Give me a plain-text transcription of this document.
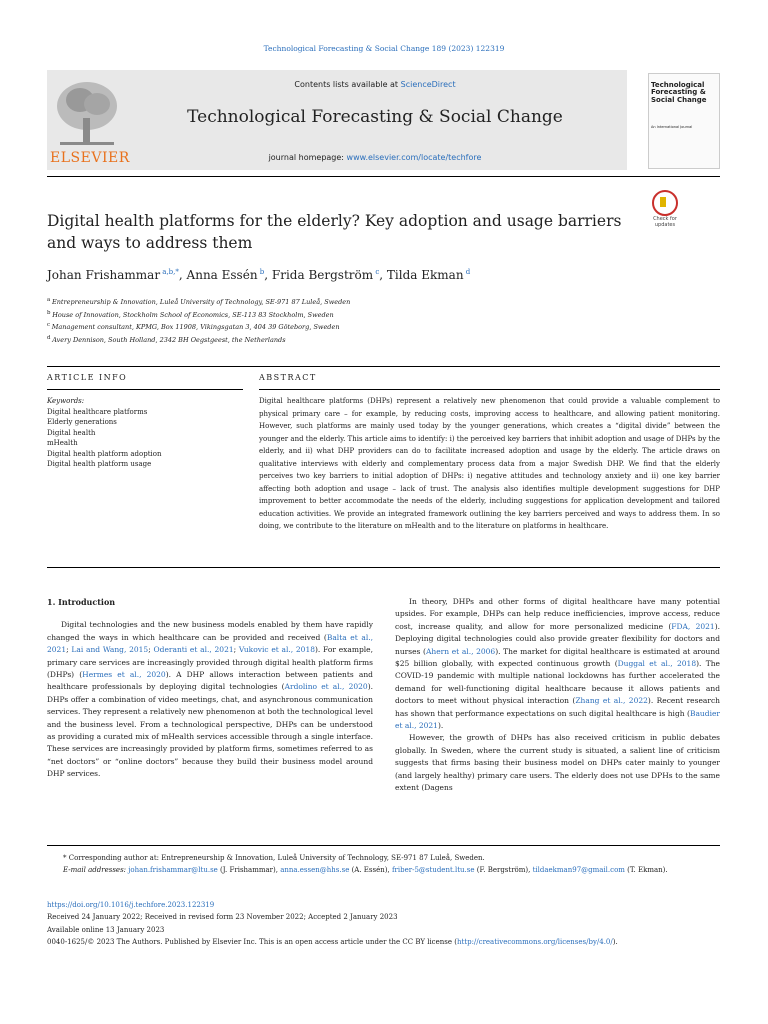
Technological Forecasting & Social Change 189 (2023) 122319
ELSEVIER
Contents lists available at ScienceDirect
Technological Forecasting & Social Change
journal homepage: www.elsevier.com/locate/techfore
Technological Forecasting & Social Change
An International Journal
Digital health platforms for the elderly? Key adoption and usage barriers and ways to address them
Check for updates
Johan Frishammar $^{a,b,*}$, Anna Essén $^b$, Frida Bergström $^c$, Tilda Ekman $^d$
$^a$ Entrepreneurship & Innovation, Luleå University of Technology, SE-971 87 Luleå, Sweden
$^b$ House of Innovation, Stockholm School of Economics, SE-113 83 Stockholm, Sweden
$^c$ Management consultant, KPMG, Box 11908, Vikingsgatan 3, 404 39 Göteborg, Sweden
$^d$ Avery Dennison, South Holland, 2342 BH Oegstgeest, the Netherlands
ARTICLE INFO	ABSTRACT
Keywords:
Digital healthcare platforms
Elderly generations
Digital health
mHealth
Digital health platform adoption
Digital health platform usage
Digital healthcare platforms (DHPs) represent a relatively new phenomenon that could provide a valuable complement to physical primary care – for example, by reducing costs, improving access to healthcare, and allowing patient monitoring. However, such platforms are mainly used today by the younger generations, which creates a “digital divide” between the younger and the elderly. This article aims to identify: i) the perceived key barriers that inhibit adoption and usage of DHPs by the elderly, and ii) what DHP providers can do to facilitate increased adoption and usage by the elderly. The article draws on qualitative interviews with elderly and complementary process data from a major Swedish DHP. We find that the elderly perceives two key barriers to initial adoption of DHPs: i) negative attitudes and technology anxiety and ii) one key barrier affecting both adoption and usage – lack of trust. The analysis also identifies multiple development suggestions for DHP improvement to better accommodate the needs of the elderly, including suggestions for application development and tailored education activities. We provide an integrated framework outlining the key barriers perceived and ways to address them. In so doing, we contribute to the literature on mHealth and to the literature on platforms in healthcare.
1. Introduction

Digital technologies and the new business models enabled by them have rapidly changed the ways in which healthcare can be provided and received (Balta et al., 2021; Lai and Wang, 2015; Oderanti et al., 2021; Vukovic et al., 2018). For example, primary care services are increasingly provided through digital health platform firms (DHPs) (Hermes et al., 2020). A DHP allows interaction between patients and healthcare professionals by deploying digital technologies (Ardolino et al., 2020). DHPs offer a combination of video meetings, chat, and asynchronous communication services. They represent a relatively new phenomenon at both the technological level and the business level. From a technological perspective, DHPs can be understood as providing a curated mix of mHealth services accessible through a single interface. These services are increasingly provided by platform firms, sometimes referred to as “net doctors” or “online doctors” because they build their business model around DHP services.

In theory, DHPs and other forms of digital healthcare have many potential upsides. For example, DHPs can help reduce inefficiencies, improve access, reduce cost, increase quality, and allow for more personalized medicine (FDA, 2021). Deploying digital technologies could also provide greater flexibility for doctors and nurses (Ahern et al., 2006). The market for digital healthcare is estimated at around $25 billion globally, with expected continuous growth (Duggal et al., 2018). The COVID-19 pandemic with multiple national lockdowns has further accelerated the demand for well-functioning digital healthcare because it allows patients and doctors to meet without physical interaction (Zhang et al., 2022). Recent research has shown that performance expectations on such digital healthcare is high (Baudier et al., 2021).

However, the growth of DHPs has also received criticism in public debates globally. In Sweden, where the current study is situated, a salient line of criticism suggests that firms basing their business model on DHPs cater mainly to younger (and largely healthy) primary care users. The elderly does not use DPHs to the same extent (Dagens

* Corresponding author at: Entrepreneurship & Innovation, Luleå University of Technology, SE-971 87 Luleå, Sweden.
E-mail addresses: johan.frishammar@ltu.se (J. Frishammar), anna.essen@hhs.se (A. Essén), friber-5@student.ltu.se (F. Bergström), tildaekman97@gmail.com (T. Ekman).
https://doi.org/10.1016/j.techfore.2023.122319
Received 24 January 2022; Received in revised form 23 November 2022; Accepted 2 January 2023
Available online 13 January 2023
0040-1625/© 2023 The Authors. Published by Elsevier Inc. This is an open access article under the CC BY license (http://creativecommons.org/licenses/by/4.0/).
